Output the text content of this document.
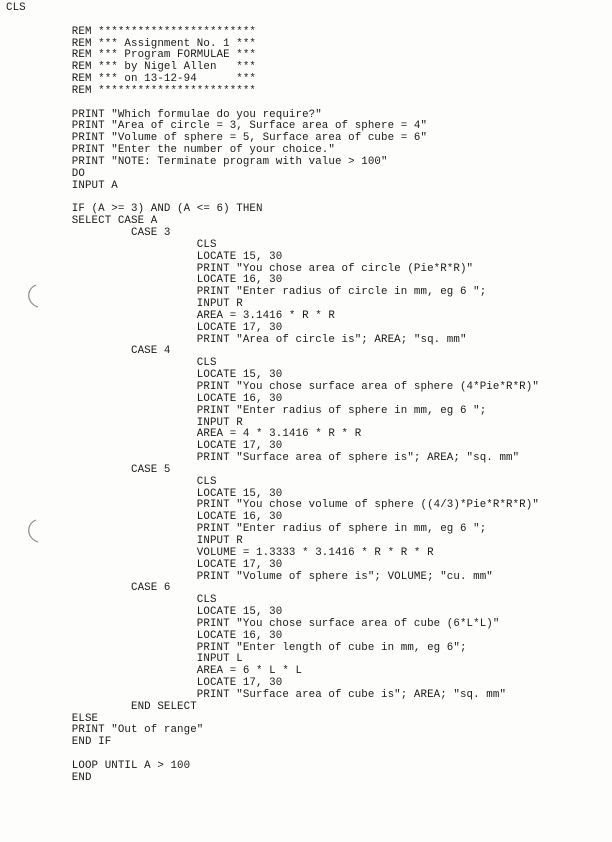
CLS
REM ************************
REM *** Assignment No. 1 ***
REM *** Program FORMULAE ***
REM *** by Nigel Allen   ***
REM *** on 13-12-94      ***
REM ************************
PRINT "Which formulae do you require?"
PRINT "Area of circle = 3, Surface area of sphere = 4"
PRINT "Volume of sphere = 5, Surface area of cube = 6"
PRINT "Enter the number of your choice."
PRINT "NOTE: Terminate program with value > 100"
DO
INPUT A
IF (A >= 3) AND (A <= 6) THEN
SELECT CASE A
CASE 3
CLS
LOCATE 15, 30
PRINT "You chose area of circle (Pie*R*R)"
LOCATE 16, 30
PRINT "Enter radius of circle in mm, eg 6 ";
INPUT R
AREA = 3.1416 * R * R
LOCATE 17, 30
PRINT "Area of circle is"; AREA; "sq. mm"
CASE 4
CLS
LOCATE 15, 30
PRINT "You chose surface area of sphere (4*Pie*R*R)"
LOCATE 16, 30
PRINT "Enter radius of sphere in mm, eg 6 ";
INPUT R
AREA = 4 * 3.1416 * R * R
LOCATE 17, 30
PRINT "Surface area of sphere is"; AREA; "sq. mm"
CASE 5
CLS
LOCATE 15, 30
PRINT "You chose volume of sphere ((4/3)*Pie*R*R*R)"
LOCATE 16, 30
PRINT "Enter radius of sphere in mm, eg 6 ";
INPUT R
VOLUME = 1.3333 * 3.1416 * R * R * R
LOCATE 17, 30
PRINT "Volume of sphere is"; VOLUME; "cu. mm"
CASE 6
CLS
LOCATE 15, 30
PRINT "You chose surface area of cube (6*L*L)"
LOCATE 16, 30
PRINT "Enter length of cube in mm, eg 6";
INPUT L
AREA = 6 * L * L
LOCATE 17, 30
PRINT "Surface area of cube is"; AREA; "sq. mm"
END SELECT
ELSE
PRINT "Out of range"
END IF
LOOP UNTIL A > 100
END
